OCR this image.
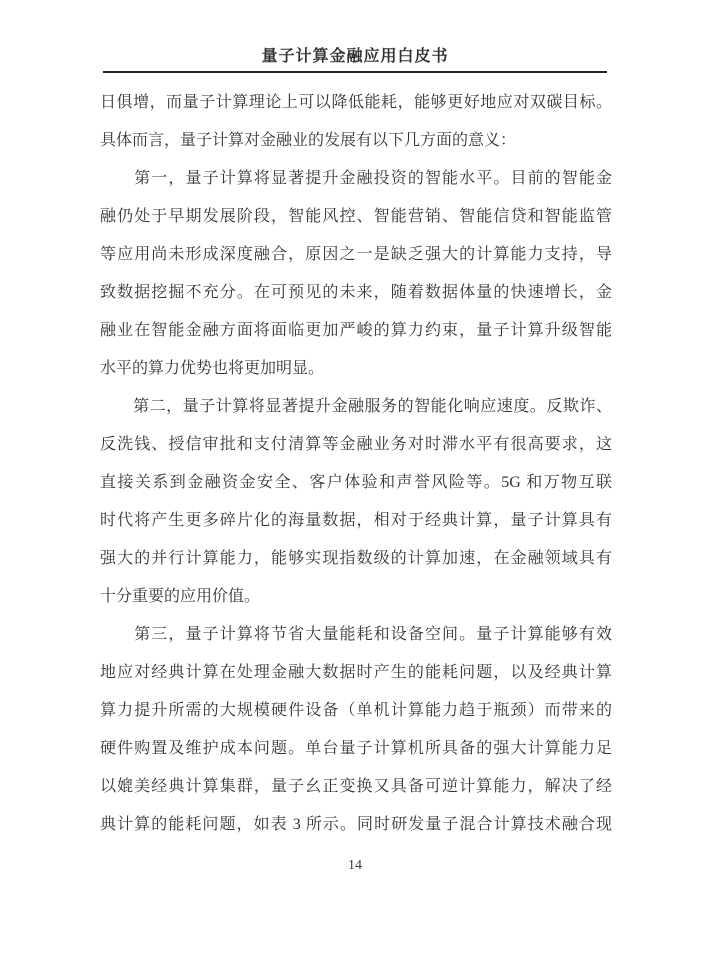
量子计算金融应用白皮书
日俱增，而量子计算理论上可以降低能耗，能够更好地应对双碳目标。
具体而言，量子计算对金融业的发展有以下几方面的意义：
　　第一，量子计算将显著提升金融投资的智能水平。目前的智能金
融仍处于早期发展阶段，智能风控、智能营销、智能信贷和智能监管
等应用尚未形成深度融合，原因之一是缺乏强大的计算能力支持，导
致数据挖掘不充分。在可预见的未来，随着数据体量的快速增长，金
融业在智能金融方面将面临更加严峻的算力约束，量子计算升级智能
水平的算力优势也将更加明显。
　　第二，量子计算将显著提升金融服务的智能化响应速度。反欺诈、
反洗钱、授信审批和支付清算等金融业务对时滞水平有很高要求，这
直接关系到金融资金安全、客户体验和声誉风险等。5G 和万物互联
时代将产生更多碎片化的海量数据，相对于经典计算，量子计算具有
强大的并行计算能力，能够实现指数级的计算加速，在金融领域具有
十分重要的应用价值。
　　第三，量子计算将节省大量能耗和设备空间。量子计算能够有效
地应对经典计算在处理金融大数据时产生的能耗问题，以及经典计算
算力提升所需的大规模硬件设备（单机计算能力趋于瓶颈）而带来的
硬件购置及维护成本问题。单台量子计算机所具备的强大计算能力足
以媲美经典计算集群，量子幺正变换又具备可逆计算能力，解决了经
典计算的能耗问题，如表 3 所示。同时研发量子混合计算技术融合现
14
